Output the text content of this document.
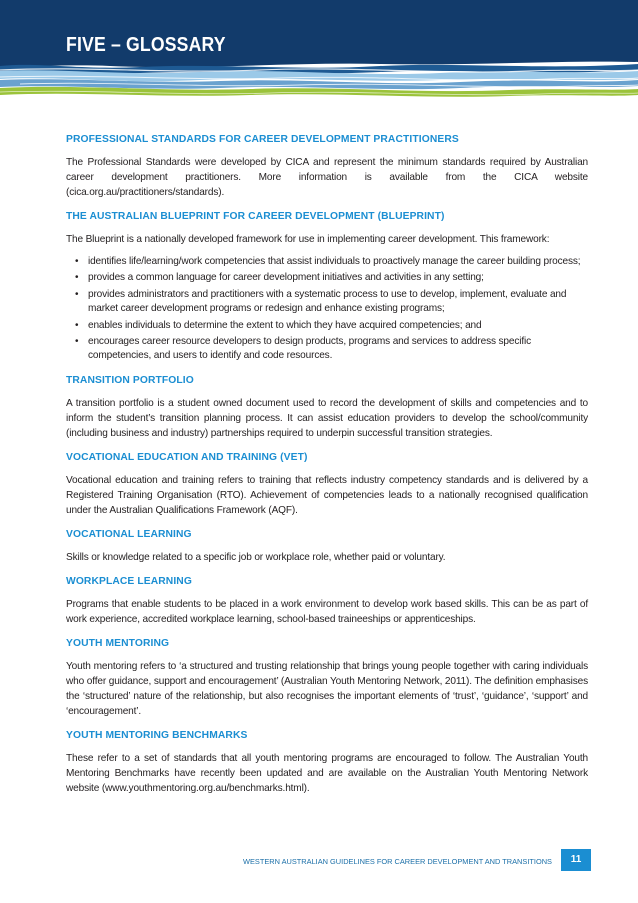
FIVE – GLOSSARY

PROFESSIONAL STANDARDS FOR CAREER DEVELOPMENT PRACTITIONERS

The Professional Standards were developed by CICA and represent the minimum standards required by Australian career development practitioners. More information is available from the CICA website (cica.org.au/practitioners/standards).

THE AUSTRALIAN BLUEPRINT FOR CAREER DEVELOPMENT (BLUEPRINT)

The Blueprint is a nationally developed framework for use in implementing career development. This framework:

• identifies life/learning/work competencies that assist individuals to proactively manage the career building process;
• provides a common language for career development initiatives and activities in any setting;
• provides administrators and practitioners with a systematic process to use to develop, implement, evaluate and market career development programs or redesign and enhance existing programs;
• enables individuals to determine the extent to which they have acquired competencies; and
• encourages career resource developers to design products, programs and services to address specific competencies, and users to identify and code resources.

TRANSITION PORTFOLIO

A transition portfolio is a student owned document used to record the development of skills and competencies and to inform the student’s transition planning process. It can assist education providers to develop the school/community (including business and industry) partnerships required to underpin successful transition strategies.

VOCATIONAL EDUCATION AND TRAINING (VET)

Vocational education and training refers to training that reflects industry competency standards and is delivered by a Registered Training Organisation (RTO). Achievement of competencies leads to a nationally recognised qualification under the Australian Qualifications Framework (AQF).

VOCATIONAL LEARNING

Skills or knowledge related to a specific job or workplace role, whether paid or voluntary.

WORKPLACE LEARNING

Programs that enable students to be placed in a work environment to develop work based skills. This can be as part of work experience, accredited workplace learning, school-based traineeships or apprenticeships.

YOUTH MENTORING

Youth mentoring refers to ‘a structured and trusting relationship that brings young people together with caring individuals who offer guidance, support and encouragement’ (Australian Youth Mentoring Network, 2011). The definition emphasises the ‘structured’ nature of the relationship, but also recognises the important elements of ‘trust’, ‘guidance’, ‘support’ and ‘encouragement’.

YOUTH MENTORING BENCHMARKS

These refer to a set of standards that all youth mentoring programs are encouraged to follow. The Australian Youth Mentoring Benchmarks have recently been updated and are available on the Australian Youth Mentoring Network website (www.youthmentoring.org.au/benchmarks.html).

WESTERN AUSTRALIAN GUIDELINES FOR CAREER DEVELOPMENT AND TRANSITIONS	11
